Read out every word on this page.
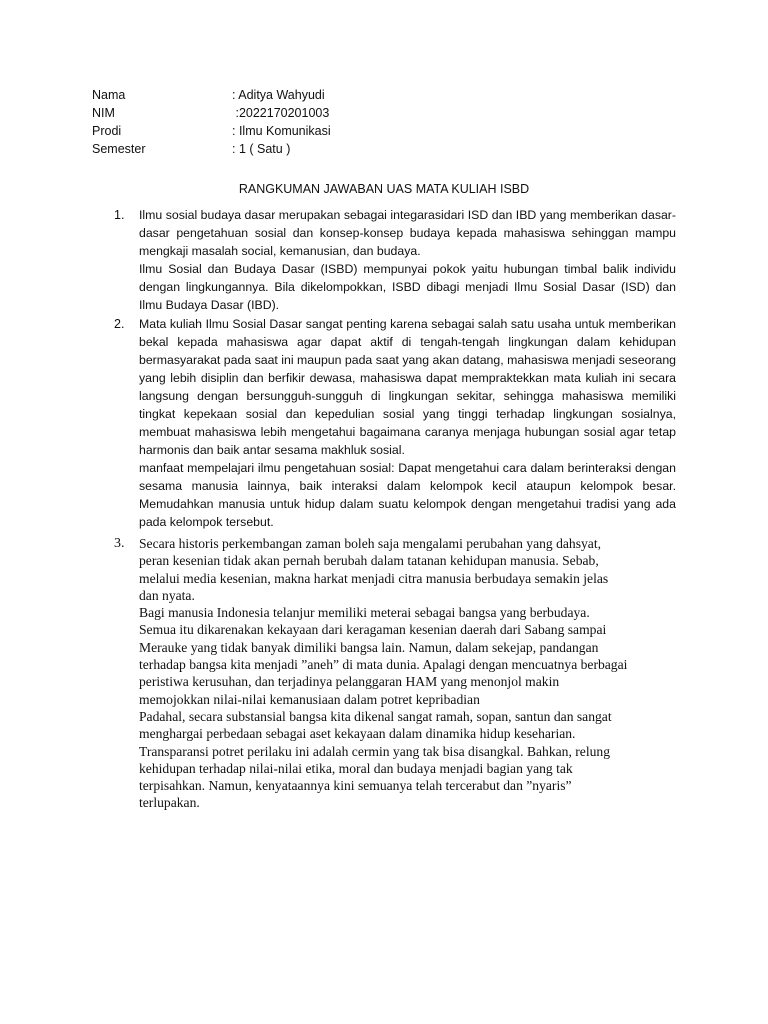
Nama	: Aditya Wahyudi
NIM	:2022170201003
Prodi	: Ilmu Komunikasi
Semester	: 1 ( Satu )
RANGKUMAN JAWABAN UAS MATA KULIAH ISBD
1. Ilmu sosial budaya dasar merupakan sebagai integarasidari ISD dan IBD yang memberikan dasar-dasar pengetahuan sosial dan konsep-konsep budaya kepada mahasiswa sehinggan mampu mengkaji masalah social, kemanusian, dan budaya.

Ilmu Sosial dan Budaya Dasar (ISBD) mempunyai pokok yaitu hubungan timbal balik individu dengan lingkungannya. Bila dikelompokkan, ISBD dibagi menjadi Ilmu Sosial Dasar (ISD) dan Ilmu Budaya Dasar (IBD).

2. Mata kuliah Ilmu Sosial Dasar sangat penting karena sebagai salah satu usaha untuk memberikan bekal kepada mahasiswa agar dapat aktif di tengah-tengah lingkungan dalam kehidupan bermasyarakat pada saat ini maupun pada saat yang akan datang, mahasiswa menjadi seseorang yang lebih disiplin dan berfikir dewasa, mahasiswa dapat mempraktekkan mata kuliah ini secara langsung dengan bersungguh-sungguh di lingkungan sekitar, sehingga mahasiswa memiliki tingkat kepekaan sosial dan kepedulian sosial yang tinggi terhadap lingkungan sosialnya, membuat mahasiswa lebih mengetahui bagaimana caranya menjaga hubungan sosial agar tetap harmonis dan baik antar sesama makhluk sosial.

manfaat mempelajari ilmu pengetahuan sosial: Dapat mengetahui cara dalam berinteraksi dengan sesama manusia lainnya, baik interaksi dalam kelompok kecil ataupun kelompok besar. Memudahkan manusia untuk hidup dalam suatu kelompok dengan mengetahui tradisi yang ada pada kelompok tersebut.

3. Secara historis perkembangan zaman boleh saja mengalami perubahan yang dahsyat, peran kesenian tidak akan pernah berubah dalam tatanan kehidupan manusia. Sebab, melalui media kesenian, makna harkat menjadi citra manusia berbudaya semakin jelas dan nyata.

Bagi manusia Indonesia telanjur memiliki meterai sebagai bangsa yang berbudaya. Semua itu dikarenakan kekayaan dari keragaman kesenian daerah dari Sabang sampai Merauke yang tidak banyak dimiliki bangsa lain. Namun, dalam sekejap, pandangan terhadap bangsa kita menjadi ”aneh” di mata dunia. Apalagi dengan mencuatnya berbagai peristiwa kerusuhan, dan terjadinya pelanggaran HAM yang menonjol makin memojokkan nilai-nilai kemanusiaan dalam potret kepribadian

Padahal, secara substansial bangsa kita dikenal sangat ramah, sopan, santun dan sangat menghargai perbedaan sebagai aset kekayaan dalam dinamika hidup keseharian. Transparansi potret perilaku ini adalah cermin yang tak bisa disangkal. Bahkan, relung kehidupan terhadap nilai-nilai etika, moral dan budaya menjadi bagian yang tak terpisahkan. Namun, kenyataannya kini semuanya telah tercerabut dan ”nyaris” terlupakan.
